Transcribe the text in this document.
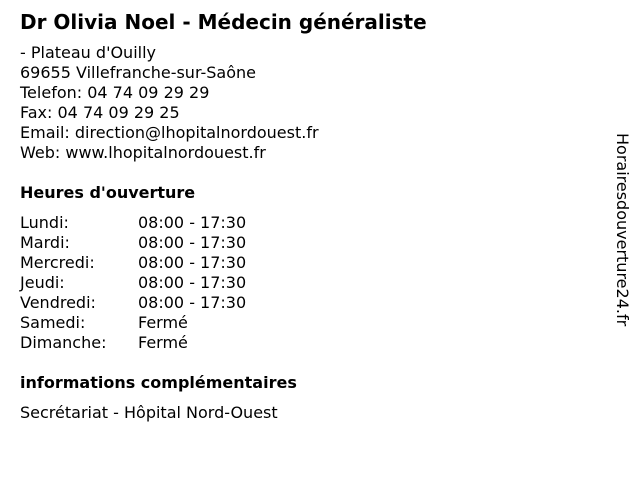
Dr Olivia Noel - Médecin généraliste
- Plateau d'Ouilly
69655 Villefranche-sur-Saône
Telefon: 04 74 09 29 29
Fax: 04 74 09 29 25
Email: direction@lhopitalnordouest.fr
Web: www.lhopitalnordouest.fr
Heures d'ouverture
Lundi:	08:00 - 17:30
Mardi:	08:00 - 17:30
Mercredi:	08:00 - 17:30
Jeudi:	08:00 - 17:30
Vendredi:	08:00 - 17:30
Samedi:	Fermé
Dimanche:	Fermé
informations complémentaires
Secrétariat - Hôpital Nord-Ouest
Horairesdouverture24.fr
